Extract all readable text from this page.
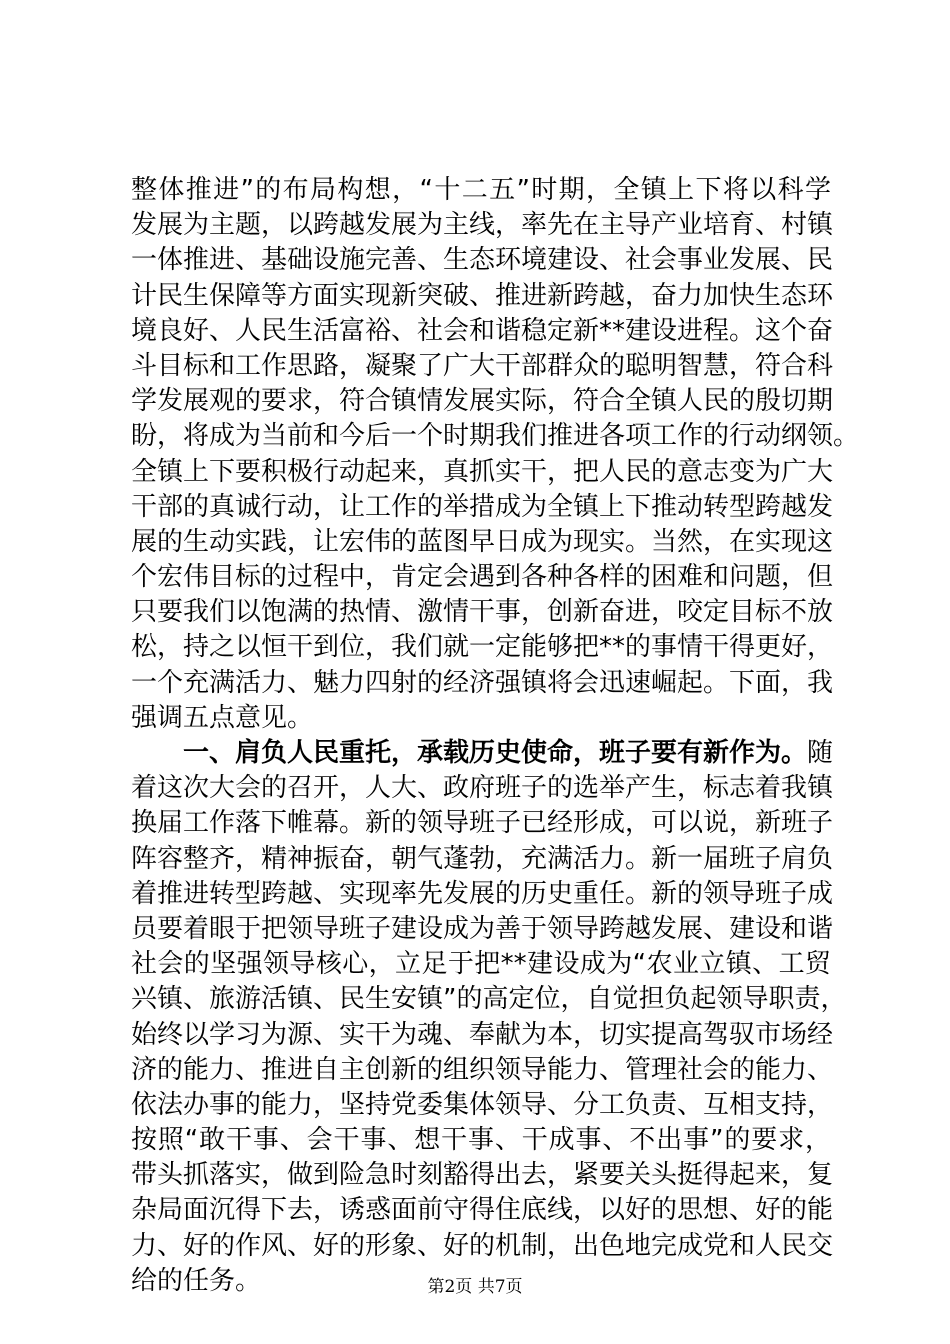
整体推进”的布局构想，“十二五”时期，全镇上下将以科学
发展为主题，以跨越发展为主线，率先在主导产业培育、村镇
一体推进、基础设施完善、生态环境建设、社会事业发展、民
计民生保障等方面实现新突破、推进新跨越，奋力加快生态环
境良好、人民生活富裕、社会和谐稳定新**建设进程。这个奋
斗目标和工作思路，凝聚了广大干部群众的聪明智慧，符合科
学发展观的要求，符合镇情发展实际，符合全镇人民的殷切期
盼，将成为当前和今后一个时期我们推进各项工作的行动纲领。
全镇上下要积极行动起来，真抓实干，把人民的意志变为广大
干部的真诚行动，让工作的举措成为全镇上下推动转型跨越发
展的生动实践，让宏伟的蓝图早日成为现实。当然，在实现这
个宏伟目标的过程中，肯定会遇到各种各样的困难和问题，但
只要我们以饱满的热情、激情干事，创新奋进，咬定目标不放
松，持之以恒干到位，我们就一定能够把**的事情干得更好，
一个充满活力、魅力四射的经济强镇将会迅速崛起。下面，我
强调五点意见。
一、肩负人民重托，承载历史使命，班子要有新作为。随
着这次大会的召开，人大、政府班子的选举产生，标志着我镇
换届工作落下帷幕。新的领导班子已经形成，可以说，新班子
阵容整齐，精神振奋，朝气蓬勃，充满活力。新一届班子肩负
着推进转型跨越、实现率先发展的历史重任。新的领导班子成
员要着眼于把领导班子建设成为善于领导跨越发展、建设和谐
社会的坚强领导核心，立足于把**建设成为“农业立镇、工贸
兴镇、旅游活镇、民生安镇”的高定位，自觉担负起领导职责，
始终以学习为源、实干为魂、奉献为本，切实提高驾驭市场经
济的能力、推进自主创新的组织领导能力、管理社会的能力、
依法办事的能力，坚持党委集体领导、分工负责、互相支持，
按照“敢干事、会干事、想干事、干成事、不出事”的要求，
带头抓落实，做到险急时刻豁得出去，紧要关头挺得起来，复
杂局面沉得下去，诱惑面前守得住底线，以好的思想、好的能
力、好的作风、好的形象、好的机制，出色地完成党和人民交
给的任务。	第2页 共7页
